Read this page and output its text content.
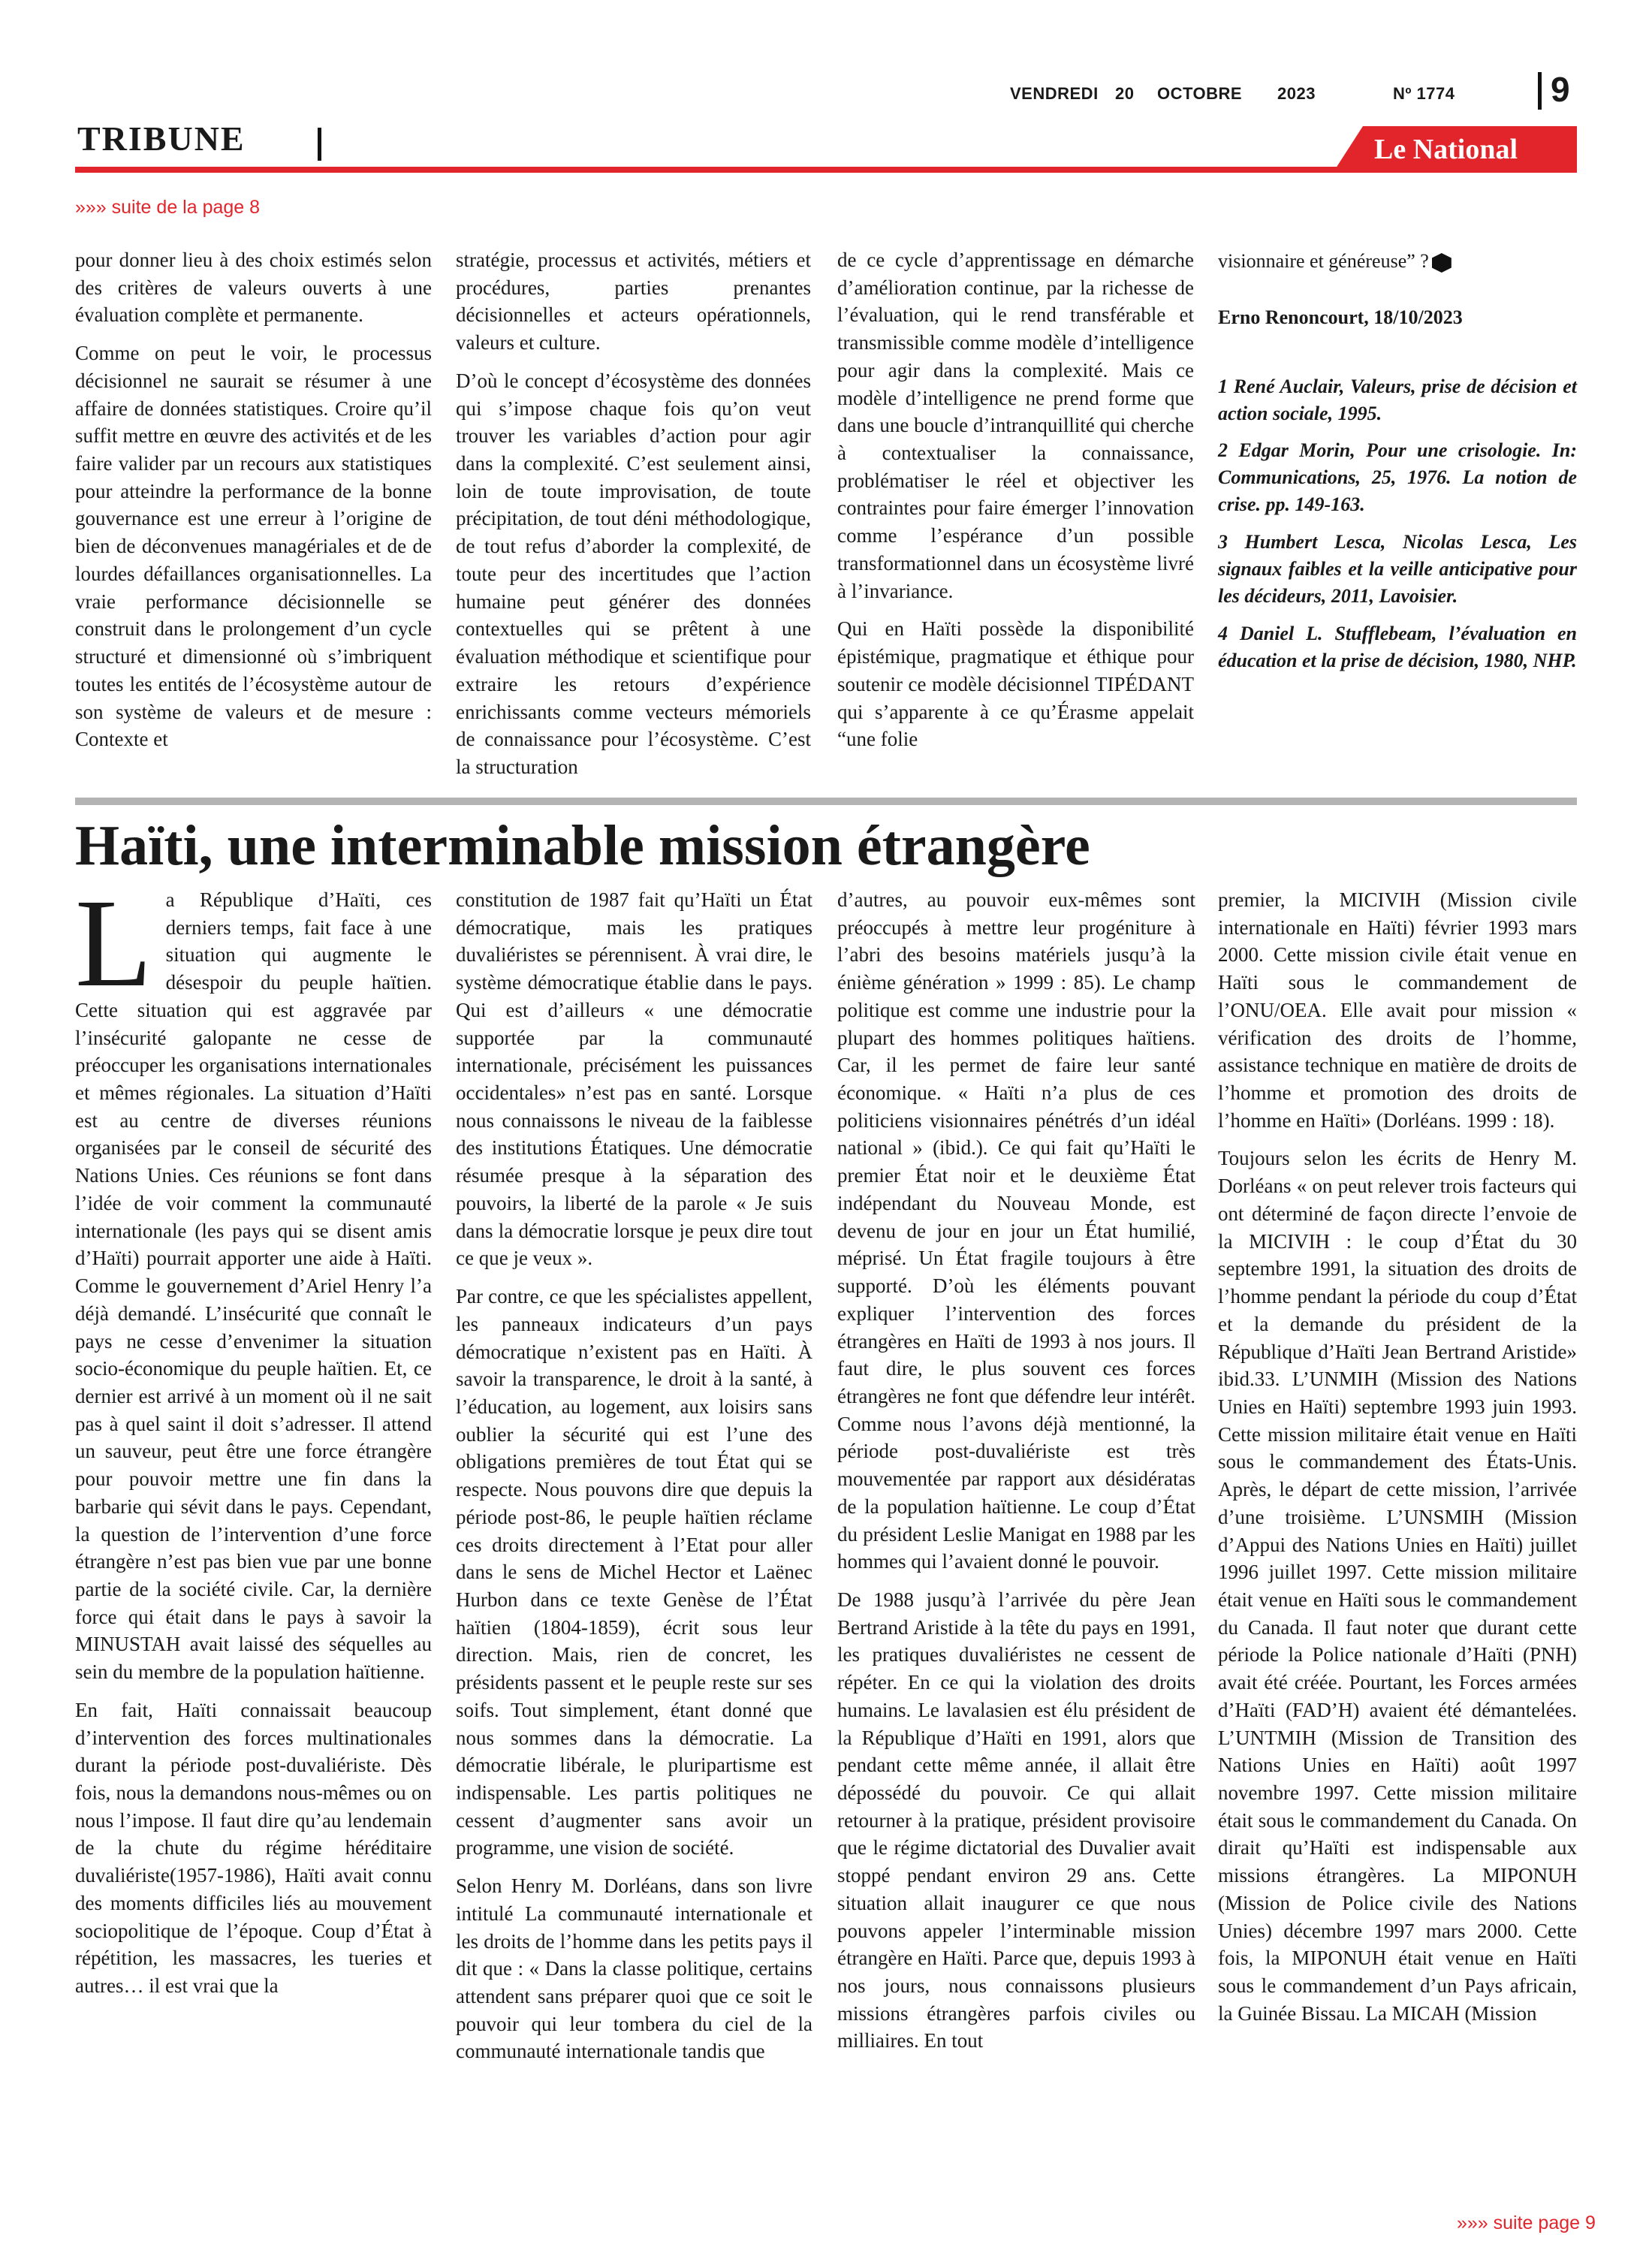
VENDREDI 20 OCTOBRE 2023	Nº 1774	9
TRIBUNE	Le National
»»» suite de la page 8

pour donner lieu à des choix estimés selon des critères de valeurs ouverts à une évaluation complète et permanente.

Comme on peut le voir, le processus décisionnel ne saurait se résumer à une affaire de données statistiques. Croire qu’il suffit mettre en œuvre des activités et de les faire valider par un recours aux statistiques pour atteindre la performance de la bonne gouvernance est une erreur à l’origine de bien de déconvenues managériales et de de lourdes défaillances organisationnelles. La vraie performance décisionnelle se construit dans le prolongement d’un cycle structuré et dimensionné où s’imbriquent toutes les entités de l’écosystème autour de son système de valeurs et de mesure : Contexte et

stratégie, processus et activités, métiers et procédures, parties prenantes décisionnelles et acteurs opérationnels, valeurs et culture.

D’où le concept d’écosystème des données qui s’impose chaque fois qu’on veut trouver les variables d’action pour agir dans la complexité. C’est seulement ainsi, loin de toute improvisation, de toute précipitation, de tout déni méthodologique, de tout refus d’aborder la complexité, de toute peur des incertitudes que l’action humaine peut générer des données contextuelles qui se prêtent à une évaluation méthodique et scientifique pour extraire les retours d’expérience enrichissants comme vecteurs mémoriels de connaissance pour l’écosystème. C’est la structuration

de ce cycle d’apprentissage en démarche d’amélioration continue, par la richesse de l’évaluation, qui le rend transférable et transmissible comme modèle d’intelligence pour agir dans la complexité. Mais ce modèle d’intelligence ne prend forme que dans une boucle d’intranquillité qui cherche à contextualiser la connaissance, problématiser le réel et objectiver les contraintes pour faire émerger l’innovation comme l’espérance d’un possible transformationnel dans un écosystème livré à l’invariance.

Qui en Haïti possède la disponibilité épistémique, pragmatique et éthique pour soutenir ce modèle décisionnel TIPÉDANT qui s’apparente à ce qu’Érasme appelait “une folie

visionnaire et généreuse” ?

Erno Renoncourt, 18/10/2023

1 René Auclair, Valeurs, prise de décision et action sociale, 1995.

2 Edgar Morin, Pour une crisologie. In: Communications, 25, 1976. La notion de crise. pp. 149-163.

3 Humbert Lesca, Nicolas Lesca, Les signaux faibles et la veille anticipative pour les décideurs, 2011, Lavoisier.

4 Daniel L. Stufflebeam, l’évaluation en éducation et la prise de décision, 1980, NHP.

Haïti, une interminable mission étrangère

La République d’Haïti, ces derniers temps, fait face à une situation qui augmente le désespoir du peuple haïtien. Cette situation qui est aggravée par l’insécurité galopante ne cesse de préoccuper les organisations internationales et mêmes régionales. La situation d’Haïti est au centre de diverses réunions organisées par le conseil de sécurité des Nations Unies. Ces réunions se font dans l’idée de voir comment la communauté internationale (les pays qui se disent amis d’Haïti) pourrait apporter une aide à Haïti. Comme le gouvernement d’Ariel Henry l’a déjà demandé. L’insécurité que connaît le pays ne cesse d’envenimer la situation socio-économique du peuple haïtien. Et, ce dernier est arrivé à un moment où il ne sait pas à quel saint il doit s’adresser. Il attend un sauveur, peut être une force étrangère pour pouvoir mettre une fin dans la barbarie qui sévit dans le pays. Cependant, la question de l’intervention d’une force étrangère n’est pas bien vue par une bonne partie de la société civile. Car, la dernière force qui était dans le pays à savoir la MINUSTAH avait laissé des séquelles au sein du membre de la population haïtienne.

En fait, Haïti connaissait beaucoup d’intervention des forces multinationales durant la période post-duvaliériste. Dès fois, nous la demandons nous-mêmes ou on nous l’impose. Il faut dire qu’au lendemain de la chute du régime héréditaire duvaliériste(1957-1986), Haïti avait connu des moments difficiles liés au mouvement sociopolitique de l’époque. Coup d’État à répétition, les massacres, les tueries et autres… il est vrai que la

constitution de 1987 fait qu’Haïti un État démocratique, mais les pratiques duvaliéristes se pérennisent. À vrai dire, le système démocratique établie dans le pays. Qui est d’ailleurs « une démocratie supportée par la communauté internationale, précisément les puissances occidentales» n’est pas en santé. Lorsque nous connaissons le niveau de la faiblesse des institutions Étatiques. Une démocratie résumée presque à la séparation des pouvoirs, la liberté de la parole « Je suis dans la démocratie lorsque je peux dire tout ce que je veux ».

Par contre, ce que les spécialistes appellent, les panneaux indicateurs d’un pays démocratique n’existent pas en Haïti. À savoir la transparence, le droit à la santé, à l’éducation, au logement, aux loisirs sans oublier la sécurité qui est l’une des obligations premières de tout État qui se respecte. Nous pouvons dire que depuis la période post-86, le peuple haïtien réclame ces droits directement à l’Etat pour aller dans le sens de Michel Hector et Laënec Hurbon dans ce texte Genèse de l’État haïtien (1804-1859), écrit sous leur direction. Mais, rien de concret, les présidents passent et le peuple reste sur ses soifs. Tout simplement, étant donné que nous sommes dans la démocratie. La démocratie libérale, le pluripartisme est indispensable. Les partis politiques ne cessent d’augmenter sans avoir un programme, une vision de société.

Selon Henry M. Dorléans, dans son livre intitulé La communauté internationale et les droits de l’homme dans les petits pays il dit que : « Dans la classe politique, certains attendent sans préparer quoi que ce soit le pouvoir qui leur tombera du ciel de la communauté internationale tandis que

d’autres, au pouvoir eux-mêmes sont préoccupés à mettre leur progéniture à l’abri des besoins matériels jusqu’à la énième génération » 1999 : 85). Le champ politique est comme une industrie pour la plupart des hommes politiques haïtiens. Car, il les permet de faire leur santé économique. « Haïti n’a plus de ces politiciens visionnaires pénétrés d’un idéal national » (ibid.). Ce qui fait qu’Haïti le premier État noir et le deuxième État indépendant du Nouveau Monde, est devenu de jour en jour un État humilié, méprisé. Un État fragile toujours à être supporté. D’où les éléments pouvant expliquer l’intervention des forces étrangères en Haïti de 1993 à nos jours. Il faut dire, le plus souvent ces forces étrangères ne font que défendre leur intérêt. Comme nous l’avons déjà mentionné, la période post-duvaliériste est très mouvementée par rapport aux désidératas de la population haïtienne. Le coup d’État du président Leslie Manigat en 1988 par les hommes qui l’avaient donné le pouvoir.

De 1988 jusqu’à l’arrivée du père Jean Bertrand Aristide à la tête du pays en 1991, les pratiques duvaliéristes ne cessent de répéter. En ce qui la violation des droits humains. Le lavalasien est élu président de la République d’Haïti en 1991, alors que pendant cette même année, il allait être dépossédé du pouvoir. Ce qui allait retourner à la pratique, président provisoire que le régime dictatorial des Duvalier avait stoppé pendant environ 29 ans. Cette situation allait inaugurer ce que nous pouvons appeler l’interminable mission étrangère en Haïti. Parce que, depuis 1993 à nos jours, nous connaissons plusieurs missions étrangères parfois civiles ou milliaires. En tout

premier, la MICIVIH (Mission civile internationale en Haïti) février 1993 mars 2000. Cette mission civile était venue en Haïti sous le commandement de l’ONU/OEA. Elle avait pour mission « vérification des droits de l’homme, assistance technique en matière de droits de l’homme et promotion des droits de l’homme en Haïti» (Dorléans. 1999 : 18).

Toujours selon les écrits de Henry M. Dorléans « on peut relever trois facteurs qui ont déterminé de façon directe l’envoie de la MICIVIH : le coup d’État du 30 septembre 1991, la situation des droits de l’homme pendant la période du coup d’État et la demande du président de la République d’Haïti Jean Bertrand Aristide» ibid.33. L’UNMIH (Mission des Nations Unies en Haïti) septembre 1993 juin 1993. Cette mission militaire était venue en Haïti sous le commandement des États-Unis. Après, le départ de cette mission, l’arrivée d’une troisième. L’UNSMIH (Mission d’Appui des Nations Unies en Haïti) juillet 1996 juillet 1997. Cette mission militaire était venue en Haïti sous le commandement du Canada. Il faut noter que durant cette période la Police nationale d’Haïti (PNH) avait été créée. Pourtant, les Forces armées d’Haïti (FAD’H) avaient été démantelées. L’UNTMIH (Mission de Transition des Nations Unies en Haïti) août 1997 novembre 1997. Cette mission militaire était sous le commandement du Canada. On dirait qu’Haïti est indispensable aux missions étrangères. La MIPONUH (Mission de Police civile des Nations Unies) décembre 1997 mars 2000. Cette fois, la MIPONUH était venue en Haïti sous le commandement d’un Pays africain, la Guinée Bissau. La MICAH (Mission

»»» suite page 9
